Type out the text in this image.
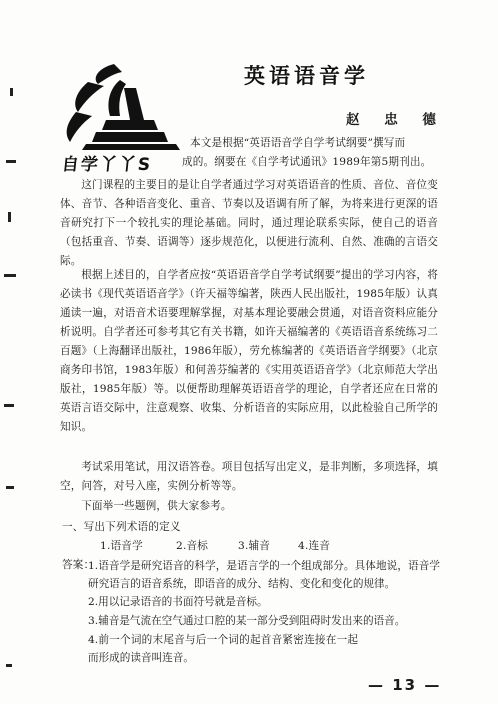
自学丫丫S
英语语音学
赵 忠 德
本文是根据“英语语音学自学考试纲要”撰写而
成的。纲要在《自学考试通讯》1989年第5期刊出。
这门课程的主要目的是让自学者通过学习对英语语音的性质、音位、音位变体、音节、各种语音变化、重音、节奏以及语调有所了解，为将来进行更深的语音研究打下一个较扎实的理论基础。同时，通过理论联系实际，使自己的语音（包括重音、节奏、语调等）逐步规范化，以便进行流利、自然、准确的言语交际。
根据上述目的，自学者应按“英语语音学自学考试纲要”提出的学习内容，将必读书《现代英语语音学》（许天福等编著，陕西人民出版社，1985年版）认真通读一遍，对语音术语要理解掌握，对基本理论要融会贯通，对语音资料应能分析说明。自学者还可参考其它有关书籍，如许天福编著的《英语语音系统练习二百题》（上海翻译出版社，1986年版），劳允栋编著的《英语语音学纲要》（北京商务印书馆，1983年版）和何善芬编著的《实用英语语音学》（北京师范大学出版社，1985年版）等。以便帮助理解英语语音学的理论，自学者还应在日常的英语言语交际中，注意观察、收集、分析语音的实际应用，以此检验自己所学的知识。
考试采用笔试，用汉语答卷。项目包括写出定义，是非判断，多项选择，填空，问答，对号入座，实例分析等等。
下面举一些题例，供大家参考。
一、写出下列术语的定义
1.语音学	2.音标	3.辅音	4.连音
答案：
1.语音学是研究语音的科学，是语言学的一个组成部分。具体地说，语音学研究语言的语音系统，即语音的成分、结构、变化和变化的规律。
2.用以记录语音的书面符号就是音标。
3.辅音是气流在空气通过口腔的某一部分受到阻碍时发出来的语音。
4.前一个词的末尾音与后一个词的起首音紧密连接在一起而形成的读音叫连音。
— 13 —
